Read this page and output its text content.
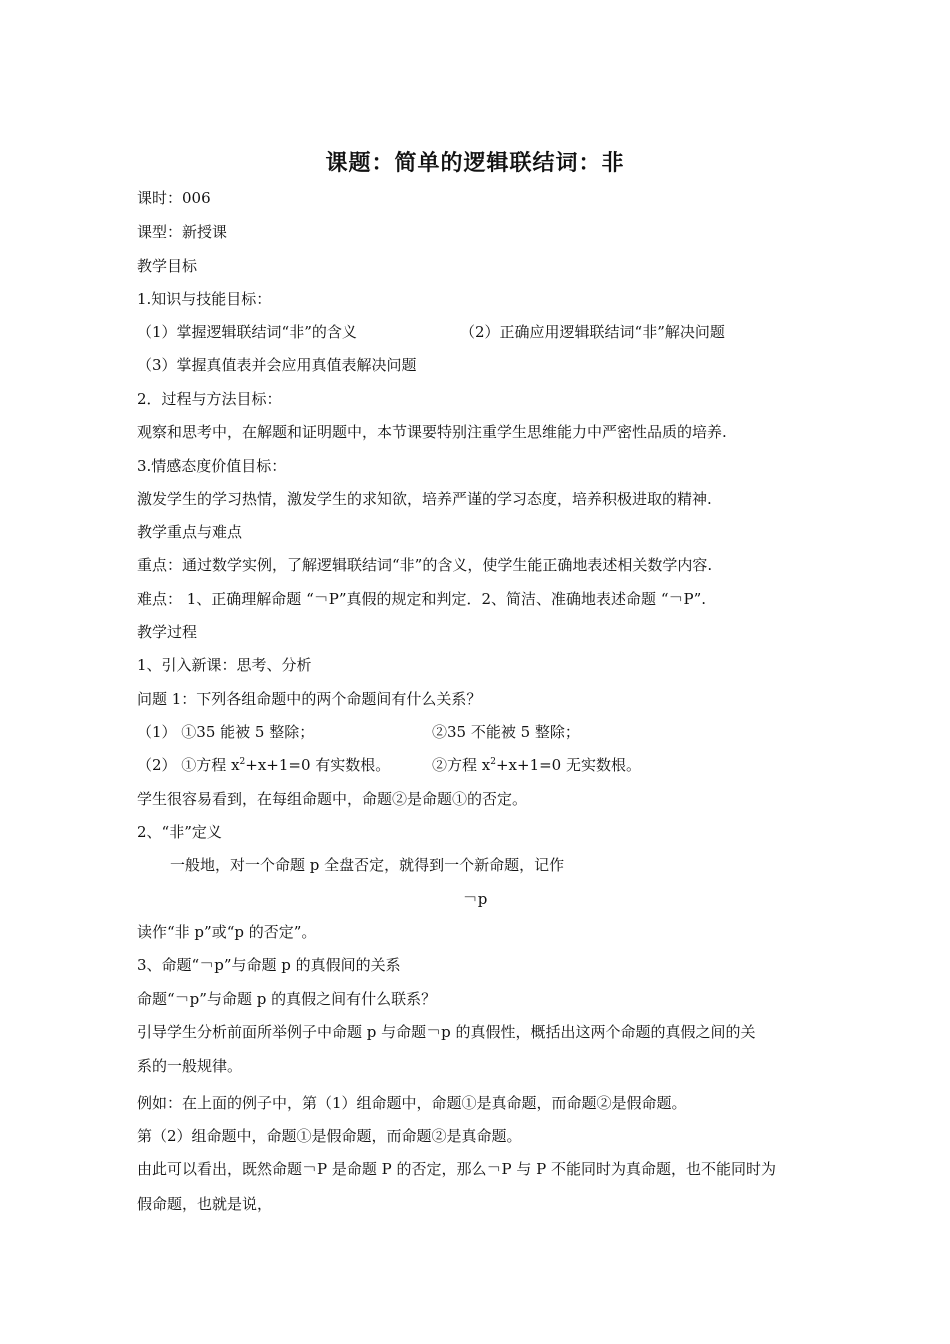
课题：简单的逻辑联结词：非
课时：006
课型：新授课
教学目标
1.知识与技能目标：
（1）掌握逻辑联结词“非”的含义	（2）正确应用逻辑联结词“非”解决问题
（3）掌握真值表并会应用真值表解决问题
2．过程与方法目标：
观察和思考中，在解题和证明题中，本节课要特别注重学生思维能力中严密性品质的培养.
3.情感态度价值目标：
激发学生的学习热情，激发学生的求知欲，培养严谨的学习态度，培养积极进取的精神.
教学重点与难点
重点：通过数学实例，了解逻辑联结词“非”的含义，使学生能正确地表述相关数学内容.
难点： 1、正确理解命题 “￢P”真假的规定和判定．2、简洁、准确地表述命题 “￢P”.
教学过程
1、引入新课：思考、分析
问题 1：下列各组命题中的两个命题间有什么关系？
（1） ①35 能被 5 整除；	②35 不能被 5 整除；
（2） ①方程 $x^2+x+1=0$ 有实数根。	②方程 $x^2+x+1=0$ 无实数根。
学生很容易看到，在每组命题中，命题②是命题①的否定。
2、“非”定义
一般地，对一个命题 p 全盘否定，就得到一个新命题，记作
￢p
读作“非 p”或“p 的否定”。
3、命题“￢p”与命题 p 的真假间的关系
命题“￢p”与命题 p 的真假之间有什么联系？
引导学生分析前面所举例子中命题 p 与命题￢p 的真假性，概括出这两个命题的真假之间的关
系的一般规律。
例如：在上面的例子中，第（1）组命题中，命题①是真命题，而命题②是假命题。
第（2）组命题中，命题①是假命题，而命题②是真命题。
由此可以看出，既然命题￢P 是命题 P 的否定，那么￢P 与 P 不能同时为真命题，也不能同时为
假命题，也就是说，
